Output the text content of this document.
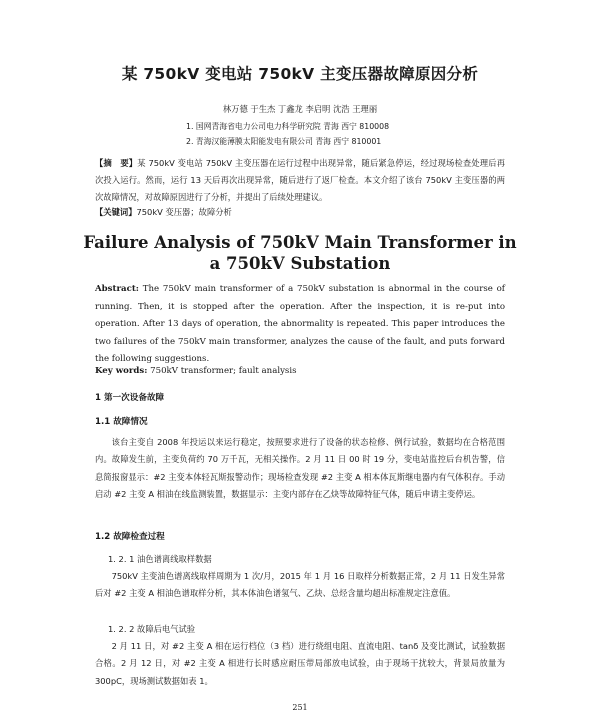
某 750kV 变电站 750kV 主变压器故障原因分析
林万德 于生杰 丁鑫龙 李启明 沈浩 王理丽
1. 国网青海省电力公司电力科学研究院 青海 西宁 810008
2. 青海汉能薄膜太阳能发电有限公司 青海 西宁 810001
【摘　要】某 750kV 变电站 750kV 主变压器在运行过程中出现异常，随后紧急停运，经过现场检查处理后再次投入运行。然而，运行 13 天后再次出现异常，随后进行了返厂检查。本文介绍了该台 750kV 主变压器的两次故障情况，对故障原因进行了分析，并提出了后续处理建议。
【关键词】750kV 变压器；故障分析
Failure Analysis of 750kV Main Transformer in
a 750kV Substation
Abstract: The 750kV main transformer of a 750kV substation is abnormal in the course of running. Then, it is stopped after the operation. After the inspection, it is re-put into operation. After 13 days of operation, the abnormality is repeated. This paper introduces the two failures of the 750kV main transformer, analyzes the cause of the fault, and puts forward the following suggestions.
Key words: 750kV transformer; fault analysis
1 第一次设备故障
1.1 故障情况
该台主变自 2008 年投运以来运行稳定，按照要求进行了设备的状态检修、例行试验，数据均在合格范围内。故障发生前，主变负荷约 70 万千瓦，无相关操作。2 月 11 日 00 时 19 分，变电站监控后台机告警，信息简报窗显示：#2 主变本体轻瓦斯报警动作；现场检查发现 #2 主变 A 相本体瓦斯继电器内有气体积存。手动启动 #2 主变 A 相油在线监测装置，数据显示：主变内部存在乙炔等故障特征气体，随后申请主变停运。
1.2 故障检查过程
1. 2. 1 油色谱离线取样数据
750kV 主变油色谱离线取样周期为 1 次/月，2015 年 1 月 16 日取样分析数据正常，2 月 11 日发生异常后对 #2 主变 A 相油色谱取样分析，其本体油色谱氢气、乙炔、总烃含量均超出标准规定注意值。
1. 2. 2 故障后电气试验
2 月 11 日，对 #2 主变 A 相在运行档位（3 档）进行绕组电阻、直流电阻、tanδ 及变比测试，试验数据合格。2 月 12 日，对 #2 主变 A 相进行长时感应耐压带局部放电试验，由于现场干扰较大，背景局放量为 300pC，现场测试数据如表 1。
251
